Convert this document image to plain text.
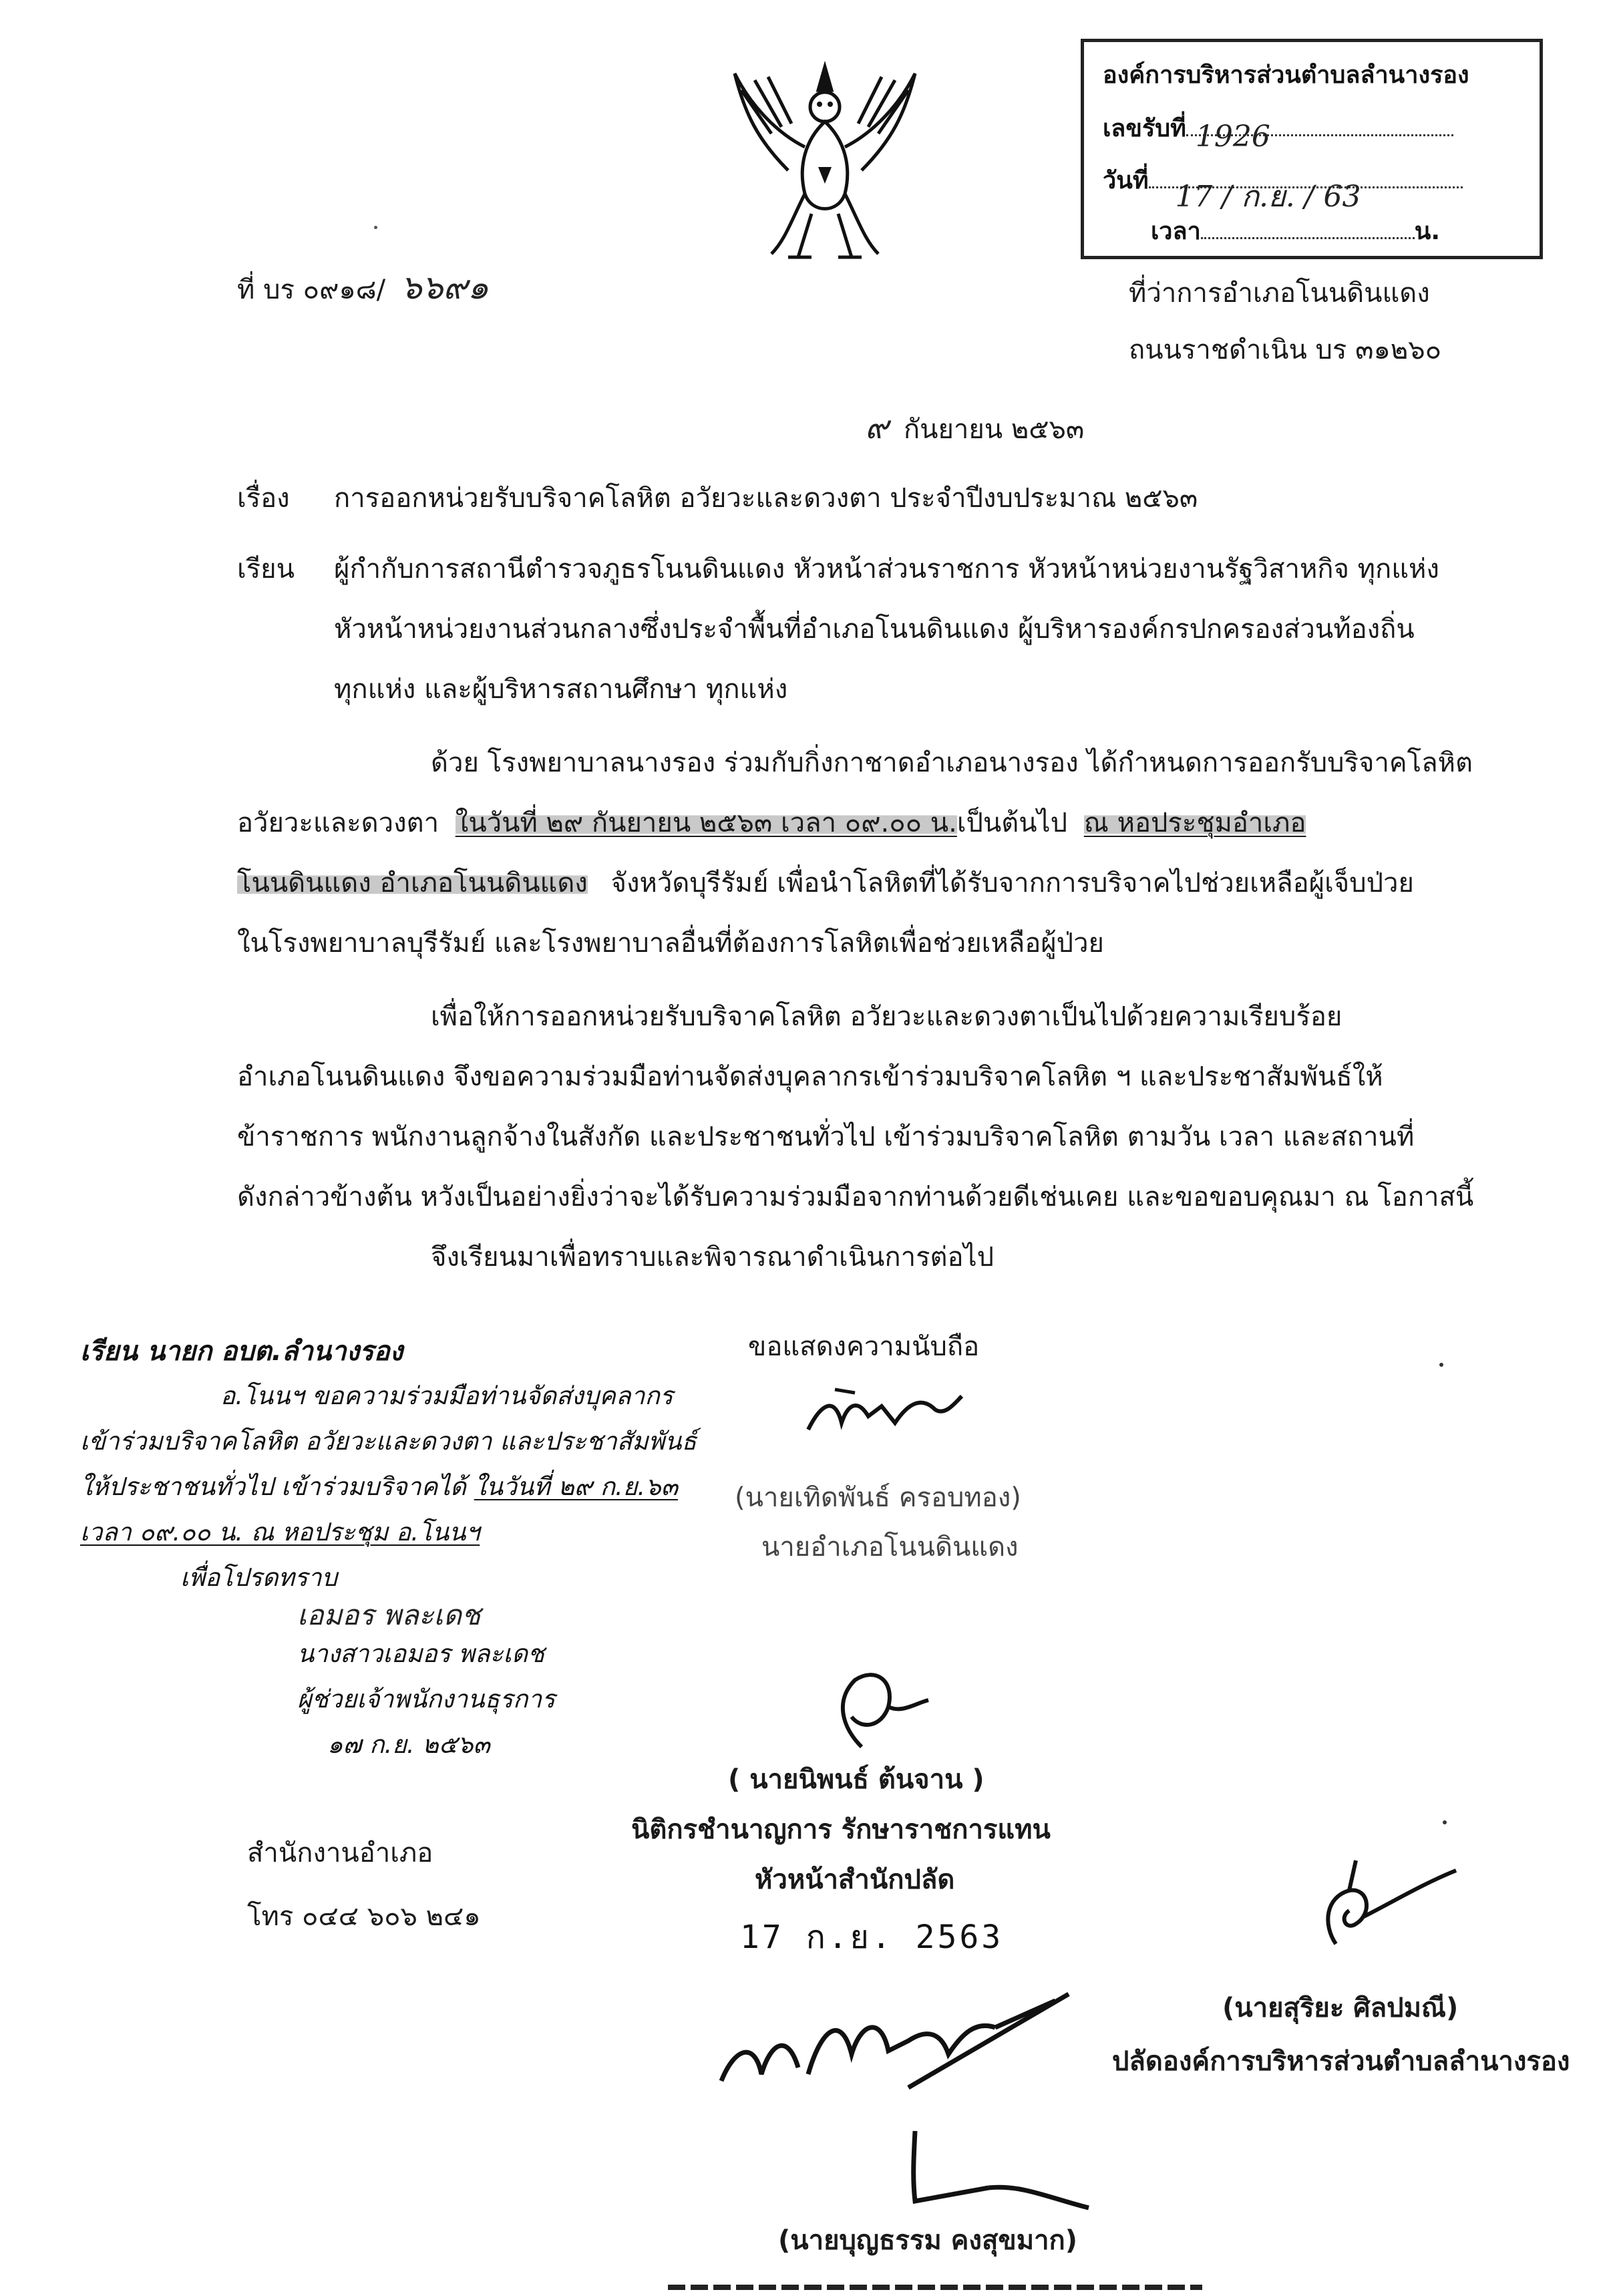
องค์การบริหารส่วนตำบลลำนางรอง
เลขรับที่ 1926
วันที่ 17 / ก.ย. / 63
เวลา	น.
ที่ บร ๐๙๑๘/ ๖๖๙๑	ที่ว่าการอำเภอโนนดินแดง
ถนนราชดำเนิน บร ๓๑๒๖๐
๙ กันยายน ๒๕๖๓
เรื่อง การออกหน่วยรับบริจาคโลหิต อวัยวะและดวงตา ประจำปีงบประมาณ ๒๕๖๓
เรียน ผู้กำกับการสถานีตำรวจภูธรโนนดินแดง หัวหน้าส่วนราชการ หัวหน้าหน่วยงานรัฐวิสาหกิจ ทุกแห่ง
หัวหน้าหน่วยงานส่วนกลางซึ่งประจำพื้นที่อำเภอโนนดินแดง ผู้บริหารองค์กรปกครองส่วนท้องถิ่น
ทุกแห่ง และผู้บริหารสถานศึกษา ทุกแห่ง
ด้วย โรงพยาบาลนางรอง ร่วมกับกิ่งกาชาดอำเภอนางรอง ได้กำหนดการออกรับบริจาคโลหิต
อวัยวะและดวงตา ในวันที่ ๒๙ กันยายน ๒๕๖๓ เวลา ๐๙.๐๐ น.เป็นต้นไป ณ หอประชุมอำเภอ
โนนดินแดง อำเภอโนนดินแดง จังหวัดบุรีรัมย์ เพื่อนำโลหิตที่ได้รับจากการบริจาคไปช่วยเหลือผู้เจ็บป่วย
ในโรงพยาบาลบุรีรัมย์ และโรงพยาบาลอื่นที่ต้องการโลหิตเพื่อช่วยเหลือผู้ป่วย
เพื่อให้การออกหน่วยรับบริจาคโลหิต อวัยวะและดวงตาเป็นไปด้วยความเรียบร้อย
อำเภอโนนดินแดง จึงขอความร่วมมือท่านจัดส่งบุคลากรเข้าร่วมบริจาคโลหิต ฯ และประชาสัมพันธ์ให้
ข้าราชการ พนักงานลูกจ้างในสังกัด และประชาชนทั่วไป เข้าร่วมบริจาคโลหิต ตามวัน เวลา และสถานที่
ดังกล่าวข้างต้น หวังเป็นอย่างยิ่งว่าจะได้รับความร่วมมือจากท่านด้วยดีเช่นเคย และขอขอบคุณมา ณ โอกาสนี้
จึงเรียนมาเพื่อทราบและพิจารณาดำเนินการต่อไป
ขอแสดงความนับถือ
(นายเทิดพันธ์ ครอบทอง)
นายอำเภอโนนดินแดง
เรียน นายก อบต.ลำนางรอง
อ.โนนฯ ขอความร่วมมือท่านจัดส่งบุคลากร
เข้าร่วมบริจาคโลหิต อวัยวะและดวงตา และประชาสัมพันธ์
ให้ประชาชนทั่วไป เข้าร่วมบริจาคได้ ในวันที่ ๒๙ ก.ย.๖๓
เวลา ๐๙.๐๐ น. ณ หอประชุม อ.โนนฯ
เพื่อโปรดทราบ
เอมอร พละเดช
นางสาวเอมอร พละเดช
ผู้ช่วยเจ้าพนักงานธุรการ
๑๗ ก.ย. ๒๕๖๓
สำนักงานอำเภอ
โทร ๐๔๔ ๖๐๖ ๒๔๑
( นายนิพนธ์ ต้นจาน )
นิติกรชำนาญการ รักษาราชการแทน
หัวหน้าสำนักปลัด
17 ก.ย. 2563
(นายสุริยะ ศิลปมณี)
ปลัดองค์การบริหารส่วนตำบลลำนางรอง
(นายบุญธรรม คงสุขมาก)
